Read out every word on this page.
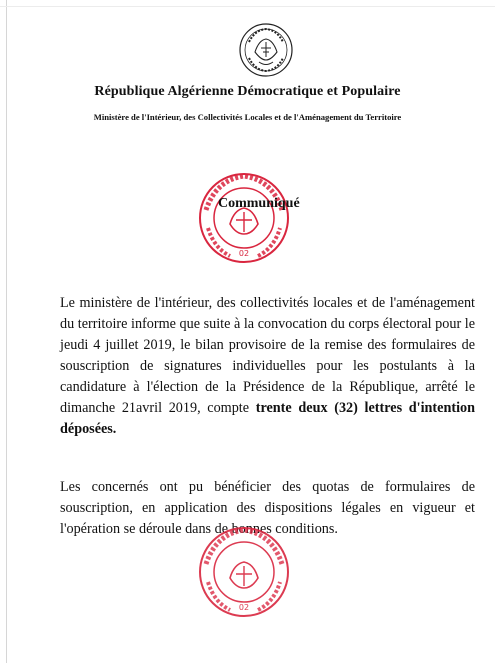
République Algérienne Démocratique et Populaire
Ministère de l'Intérieur, des Collectivités Locales et de l'Aménagement du Territoire
02
Communiqué
Le ministère de l'intérieur, des collectivités locales et de l'aménagement du territoire informe que suite à la convocation du corps électoral pour le jeudi 4 juillet 2019, le bilan provisoire de la remise des formulaires de souscription de signatures individuelles pour les postulants à la candidature à l'élection de la Présidence de la République, arrêté le dimanche 21avril 2019, compte trente deux (32) lettres d'intention déposées.
Les concernés ont pu bénéficier des quotas de formulaires de souscription, en application des dispositions légales en vigueur et l'opération se déroule dans de bonnes conditions.
02
